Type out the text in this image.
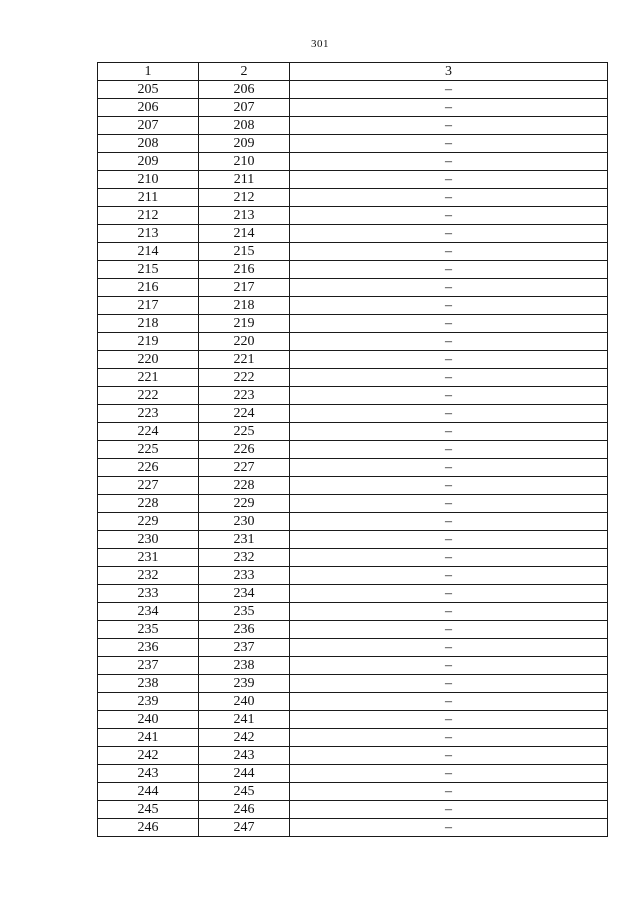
301
1	2	3
205	206	–
206	207	–
207	208	–
208	209	–
209	210	–
210	211	–
211	212	–
212	213	–
213	214	–
214	215	–
215	216	–
216	217	–
217	218	–
218	219	–
219	220	–
220	221	–
221	222	–
222	223	–
223	224	–
224	225	–
225	226	–
226	227	–
227	228	–
228	229	–
229	230	–
230	231	–
231	232	–
232	233	–
233	234	–
234	235	–
235	236	–
236	237	–
237	238	–
238	239	–
239	240	–
240	241	–
241	242	–
242	243	–
243	244	–
244	245	–
245	246	–
246	247	–
